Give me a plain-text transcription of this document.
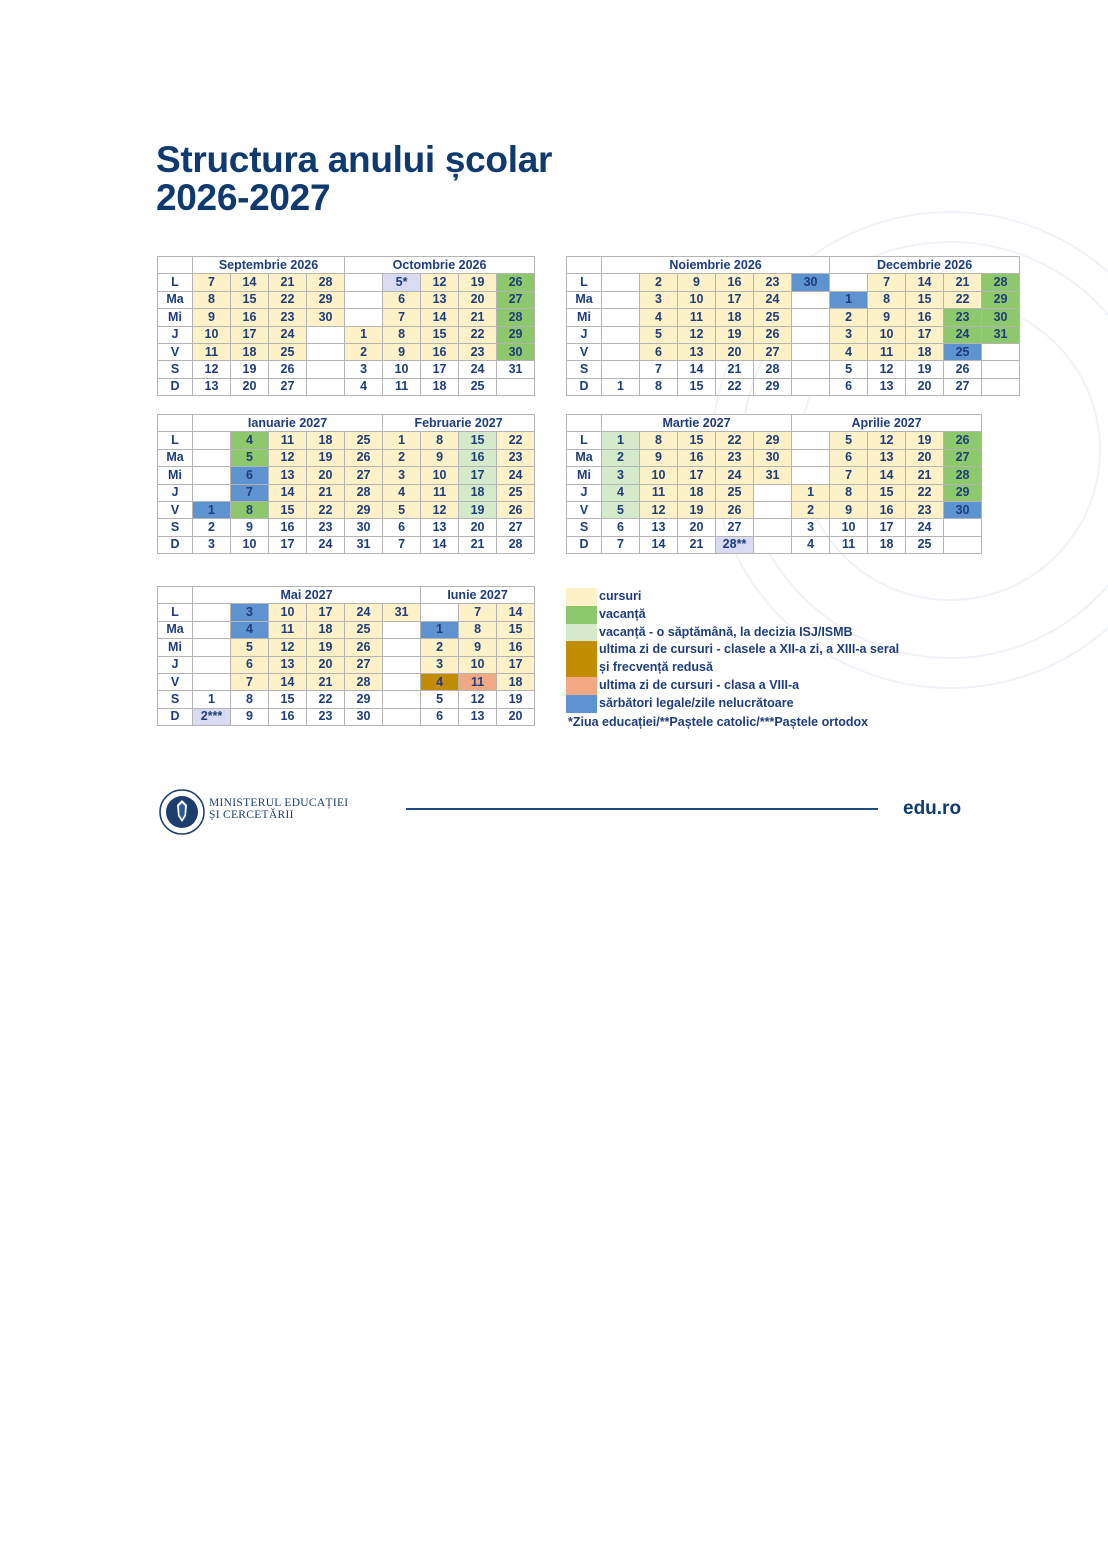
Structura anului școlar
2026-2027
	Septembrie 2026				Octombrie 2026				
L	7	14	21	28		5*	12	19	26
Ma	8	15	22	29		6	13	20	27
Mi	9	16	23	30		7	14	21	28
J	10	17	24		1	8	15	22	29
V	11	18	25		2	9	16	23	30
S	12	19	26		3	10	17	24	31
D	13	20	27		4	11	18	25	
	Noiembrie 2026						Decembrie 2026				
L		2	9	16	23	30		7	14	21	28
Ma		3	10	17	24		1	8	15	22	29
Mi		4	11	18	25		2	9	16	23	30
J		5	12	19	26		3	10	17	24	31
V		6	13	20	27		4	11	18	25	
S		7	14	21	28		5	12	19	26	
D	1	8	15	22	29		6	13	20	27	
	Ianuarie 2027					Februarie 2027			
L		4	11	18	25	1	8	15	22
Ma		5	12	19	26	2	9	16	23
Mi		6	13	20	27	3	10	17	24
J		7	14	21	28	4	11	18	25
V	1	8	15	22	29	5	12	19	26
S	2	9	16	23	30	6	13	20	27
D	3	10	17	24	31	7	14	21	28
	Martie 2027					Aprilie 2027				
L	1	8	15	22	29		5	12	19	26
Ma	2	9	16	23	30		6	13	20	27
Mi	3	10	17	24	31		7	14	21	28
J	4	11	18	25		1	8	15	22	29
V	5	12	19	26		2	9	16	23	30
S	6	13	20	27		3	10	17	24	
D	7	14	21	28**		4	11	18	25	
	Mai 2027						Iunie 2027		
L		3	10	17	24	31		7	14
Ma		4	11	18	25		1	8	15
Mi		5	12	19	26		2	9	16
J		6	13	20	27		3	10	17
V		7	14	21	28		4	11	18
S	1	8	15	22	29		5	12	19
D	2***	9	16	23	30		6	13	20
cursuri
vacanță
vacanță - o săptămână, la decizia ISJ/ISMB
ultima zi de cursuri - clasele a XII-a zi, a XIII-a seral
și frecvență redusă
ultima zi de cursuri - clasa a VIII-a
sărbători legale/zile nelucrătoare
*Ziua educației/**Paștele catolic/***Paștele ortodox
MINISTERUL EDUCAȚIEI
ȘI CERCETĂRII	edu.ro
